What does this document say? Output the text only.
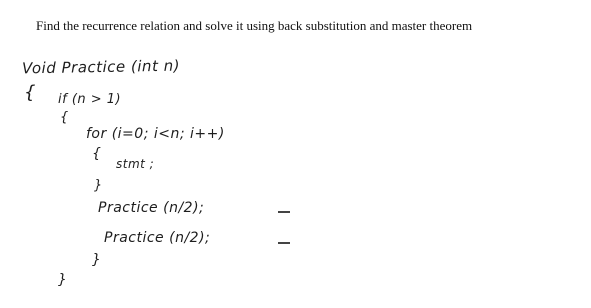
Find the recurrence relation and solve it using back substitution and master theorem
Void Practice (int n)
{ if (n > 1)
{
for (i=0; i<n; i++)
{
stmt ;
}
Practice (n/2);
Practice (n/2);
}
}
